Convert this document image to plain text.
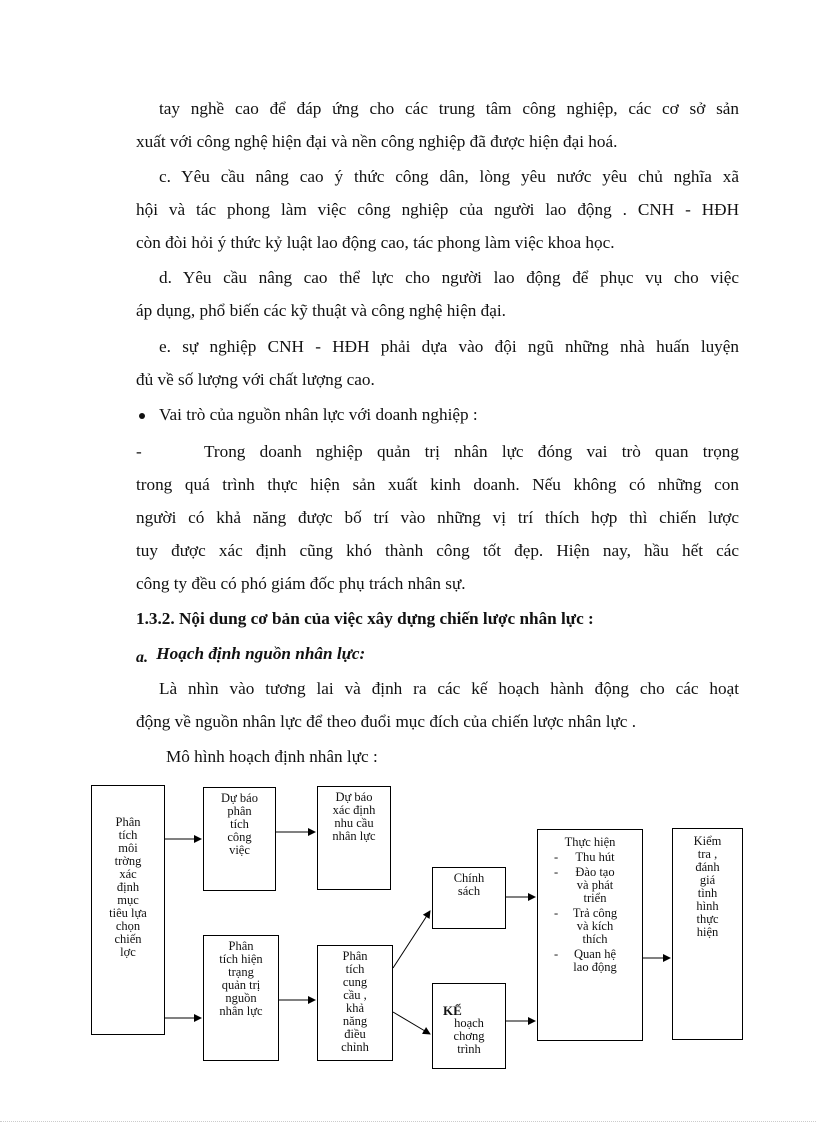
tay nghề cao để đáp ứng cho các trung tâm công nghiệp, các cơ sở sản
xuất với công nghệ hiện đại và nền công nghiệp đã được hiện đại hoá.
c. Yêu cầu nâng cao ý thức công dân, lòng yêu nước yêu chủ nghĩa xã
hội và tác phong làm việc công nghiệp của người lao động . CNH - HĐH
còn đòi hỏi ý thức kỷ luật lao động cao, tác phong làm việc khoa học.
d. Yêu cầu nâng cao thể lực cho người lao động để phục vụ cho việc
áp dụng, phổ biến các kỹ thuật và công nghệ hiện đại.
e. sự nghiệp CNH - HĐH phải dựa vào đội ngũ những nhà huấn luyện
đủ về số lượng với chất lượng cao.
Vai trò của nguồn nhân lực với doanh nghiệp :
-	Trong doanh nghiệp quản trị nhân lực đóng vai trò quan trọng
trong quá trình thực hiện sản xuất kinh doanh. Nếu không có những con
người có khả năng được bố trí vào những vị trí thích hợp thì chiến lược
tuy được xác định cũng khó thành công tốt đẹp. Hiện nay, hầu hết các
công ty đều có phó giám đốc phụ trách nhân sự.
1.3.2. Nội dung cơ bản của việc xây dựng chiến lược nhân lực :
a. Hoạch định nguồn nhân lực:
Là nhìn vào tương lai và định ra các kế hoạch hành động cho các hoạt
động về nguồn nhân lực để theo đuổi mục đích của chiến lược nhân lực .
Mô hình hoạch định nhân lực :
Phân
tích
môi
trờng
xác
định
mục
tiêu lựa
chọn
chiến
lợc
Dự báo
phân
tích
công
việc
Dự báo
xác định
nhu cầu
nhân lực
Phân
tích hiện
trạng
quản trị
nguồn
nhân lực
Phân
tích
cung
cầu ,
khả
năng
điều
chỉnh
Chính
sách
KẾ
hoạch
chơng
trình
Thực hiện
- Thu hút
- Đào tạo
và phát
triển
- Trả công
và kích
thích
- Quan hệ
lao động
Kiểm
tra ,
đánh
giá
tình
hình
thực
hiện
